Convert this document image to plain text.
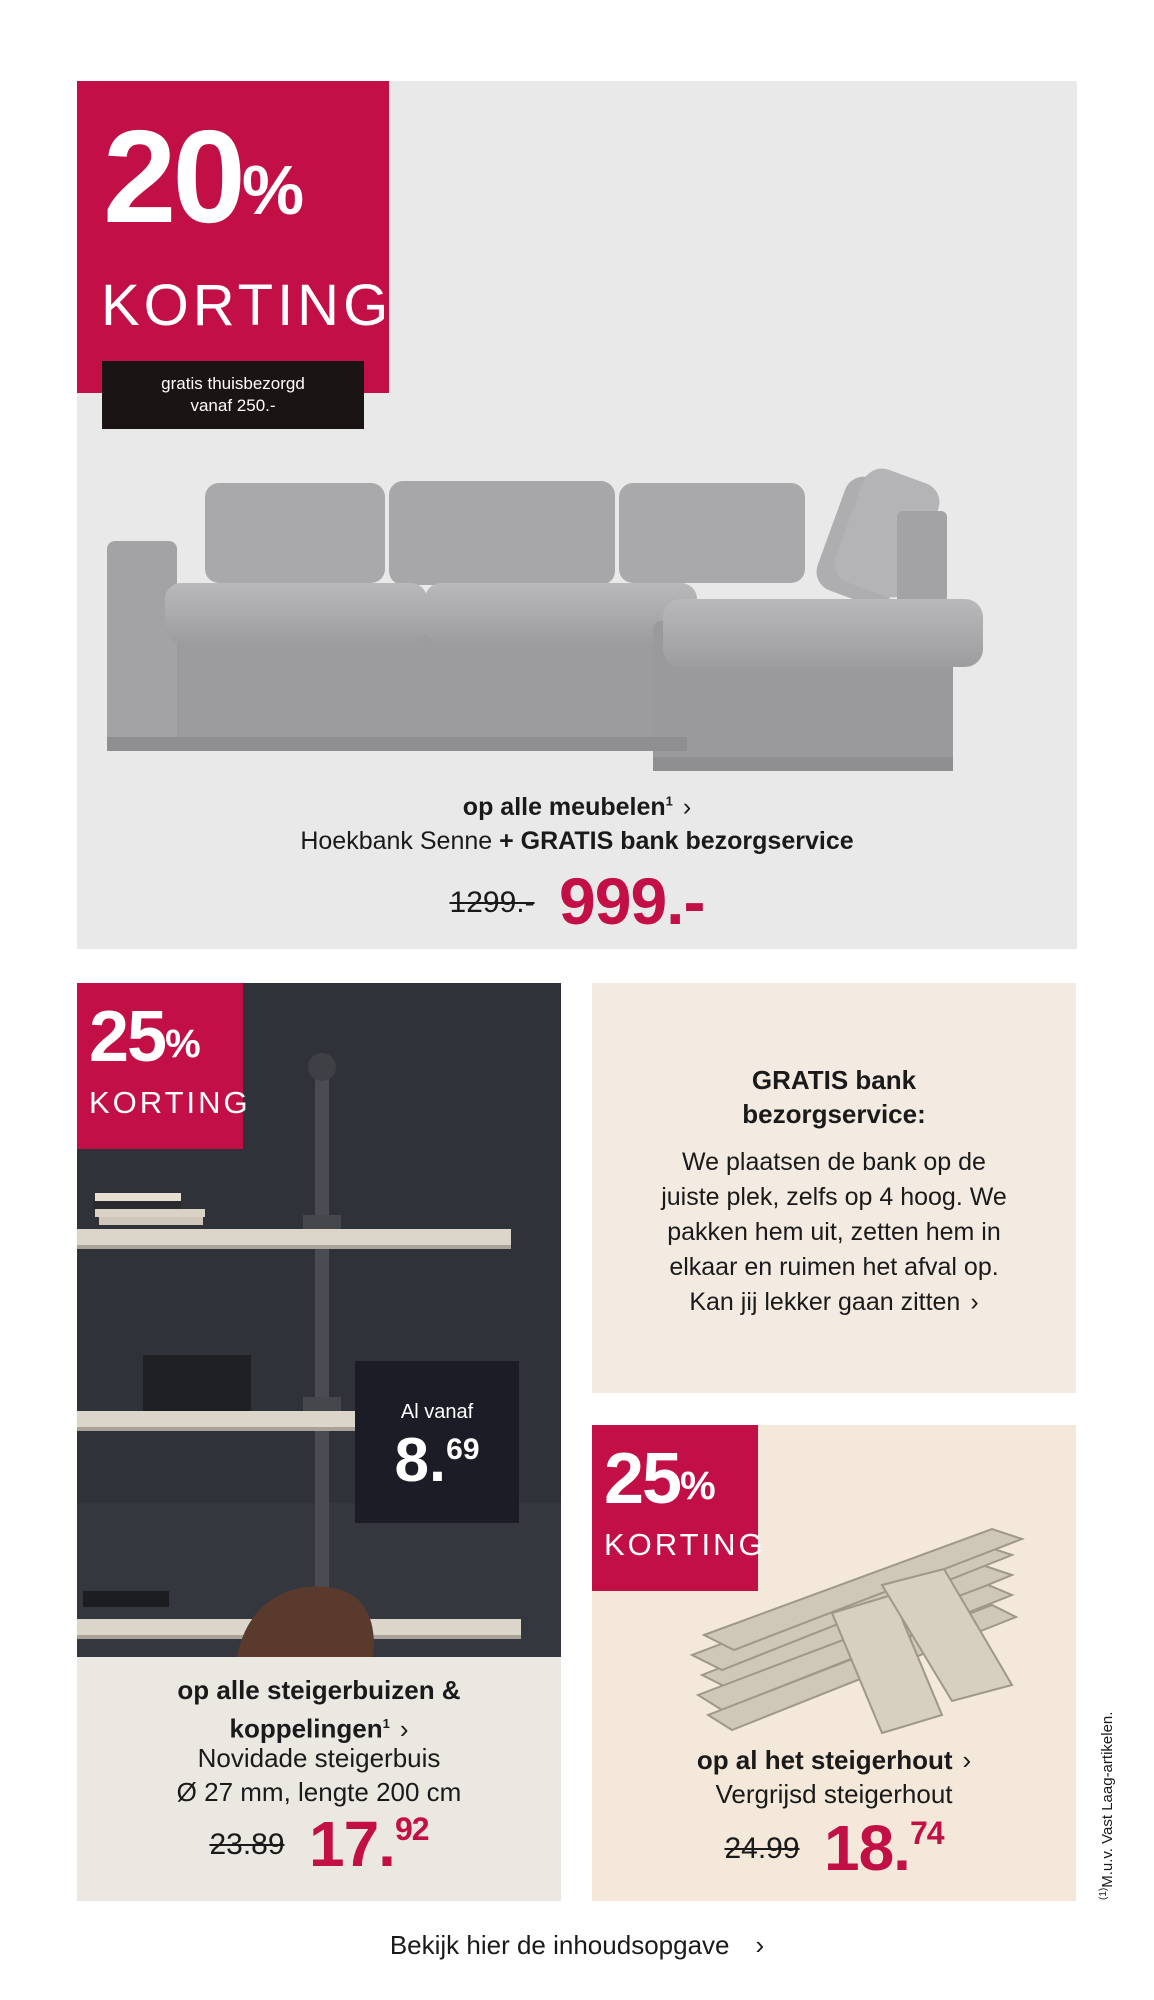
20%
KORTING
gratis thuisbezorgd
vanaf 250.-
op alle meubelen$^1$ ›
Hoekbank Senne + GRATIS bank bezorgservice
1299.- 999.-
25%
KORTING
Al vanaf
8.69
op alle steigerbuizen &
koppelingen$^1$ ›
Novidade steigerbuis
Ø 27 mm, lengte 200 cm
23.89 17.92
GRATIS bank
bezorgservice:
We plaatsen de bank op de
juiste plek, zelfs op 4 hoog. We
pakken hem uit, zetten hem in
elkaar en ruimen het afval op.
Kan jij lekker gaan zitten ›
25%
KORTING
op al het steigerhout ›
Vergrijsd steigerhout
24.99 18.74
$^{(1)}$M.u.v. Vast Laag-artikelen.
Bekijk hier de inhoudsopgave ›
